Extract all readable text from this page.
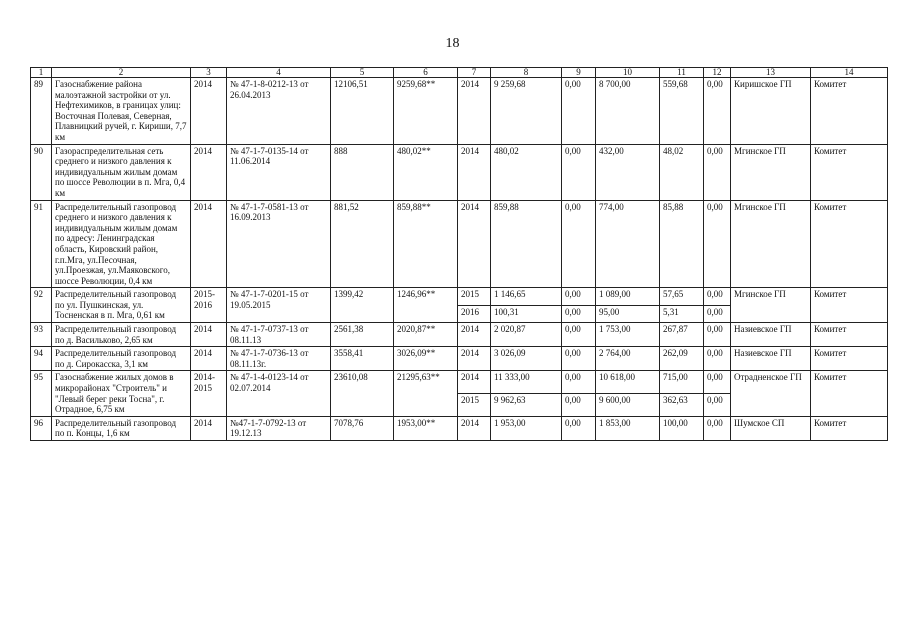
18
1	2	3	4	5	6	7	8	9	10	11	12	13	14
89	Газоснабжение района малоэтажной застройки от ул. Нефтехимиков, в границах улиц: Восточная Полевая, Северная, Плавницкий ручей, г. Кириши, 7,7 км	2014	№ 47-1-8-0212-13 от 26.04.2013	12106,51	9259,68**	2014	9 259,68	0,00	8 700,00	559,68	0,00	Киришское ГП	Комитет
90	Газораспределительная сеть среднего и низкого давления к индивидуальным жилым домам по шоссе Революции в п. Мга, 0,4 км	2014	№ 47-1-7-0135-14 от 11.06.2014	888	480,02**	2014	480,02	0,00	432,00	48,02	0,00	Мгинское ГП	Комитет
91	Распределительный газопровод среднего и низкого давления к индивидуальным жилым домам по адресу: Ленинградская область, Кировский район, г.п.Мга, ул.Песочная, ул.Проезжая, ул.Маяковского, шоссе Революции, 0,4 км	2014	№ 47-1-7-0581-13 от 16.09.2013	881,52	859,88**	2014	859,88	0,00	774,00	85,88	0,00	Мгинское ГП	Комитет
92	Распределительный газопровод по ул. Пушкинская, ул. Тосненская в п. Мга, 0,61 км	2015-2016	№ 47-1-7-0201-15 от 19.05.2015	1399,42	1246,96**	2015	1 146,65	0,00	1 089,00	57,65	0,00	Мгинское ГП	Комитет
						2016	100,31	0,00	95,00	5,31	0,00		
93	Распределительный газопровод по д. Васильково, 2,65 км	2014	№ 47-1-7-0737-13 от 08.11.13	2561,38	2020,87**	2014	2 020,87	0,00	1 753,00	267,87	0,00	Назиевское ГП	Комитет
94	Распределительный газопровод по д. Сирокасска, 3,1 км	2014	№ 47-1-7-0736-13 от 08.11.13г.	3558,41	3026,09**	2014	3 026,09	0,00	2 764,00	262,09	0,00	Назиевское ГП	Комитет
95	Газоснабжение жилых домов в микрорайонах "Строитель" и "Левый берег реки Тосна", г. Отрадное, 6,75 км	2014-2015	№ 47-1-4-0123-14 от 02.07.2014	23610,08	21295,63**	2014	11 333,00	0,00	10 618,00	715,00	0,00	Отрадненское ГП	Комитет
						2015	9 962,63	0,00	9 600,00	362,63	0,00		
96	Распределительный газопровод по п. Концы, 1,6 км	2014	№47-1-7-0792-13 от 19.12.13	7078,76	1953,00**	2014	1 953,00	0,00	1 853,00	100,00	0,00	Шумское СП	Комитет
